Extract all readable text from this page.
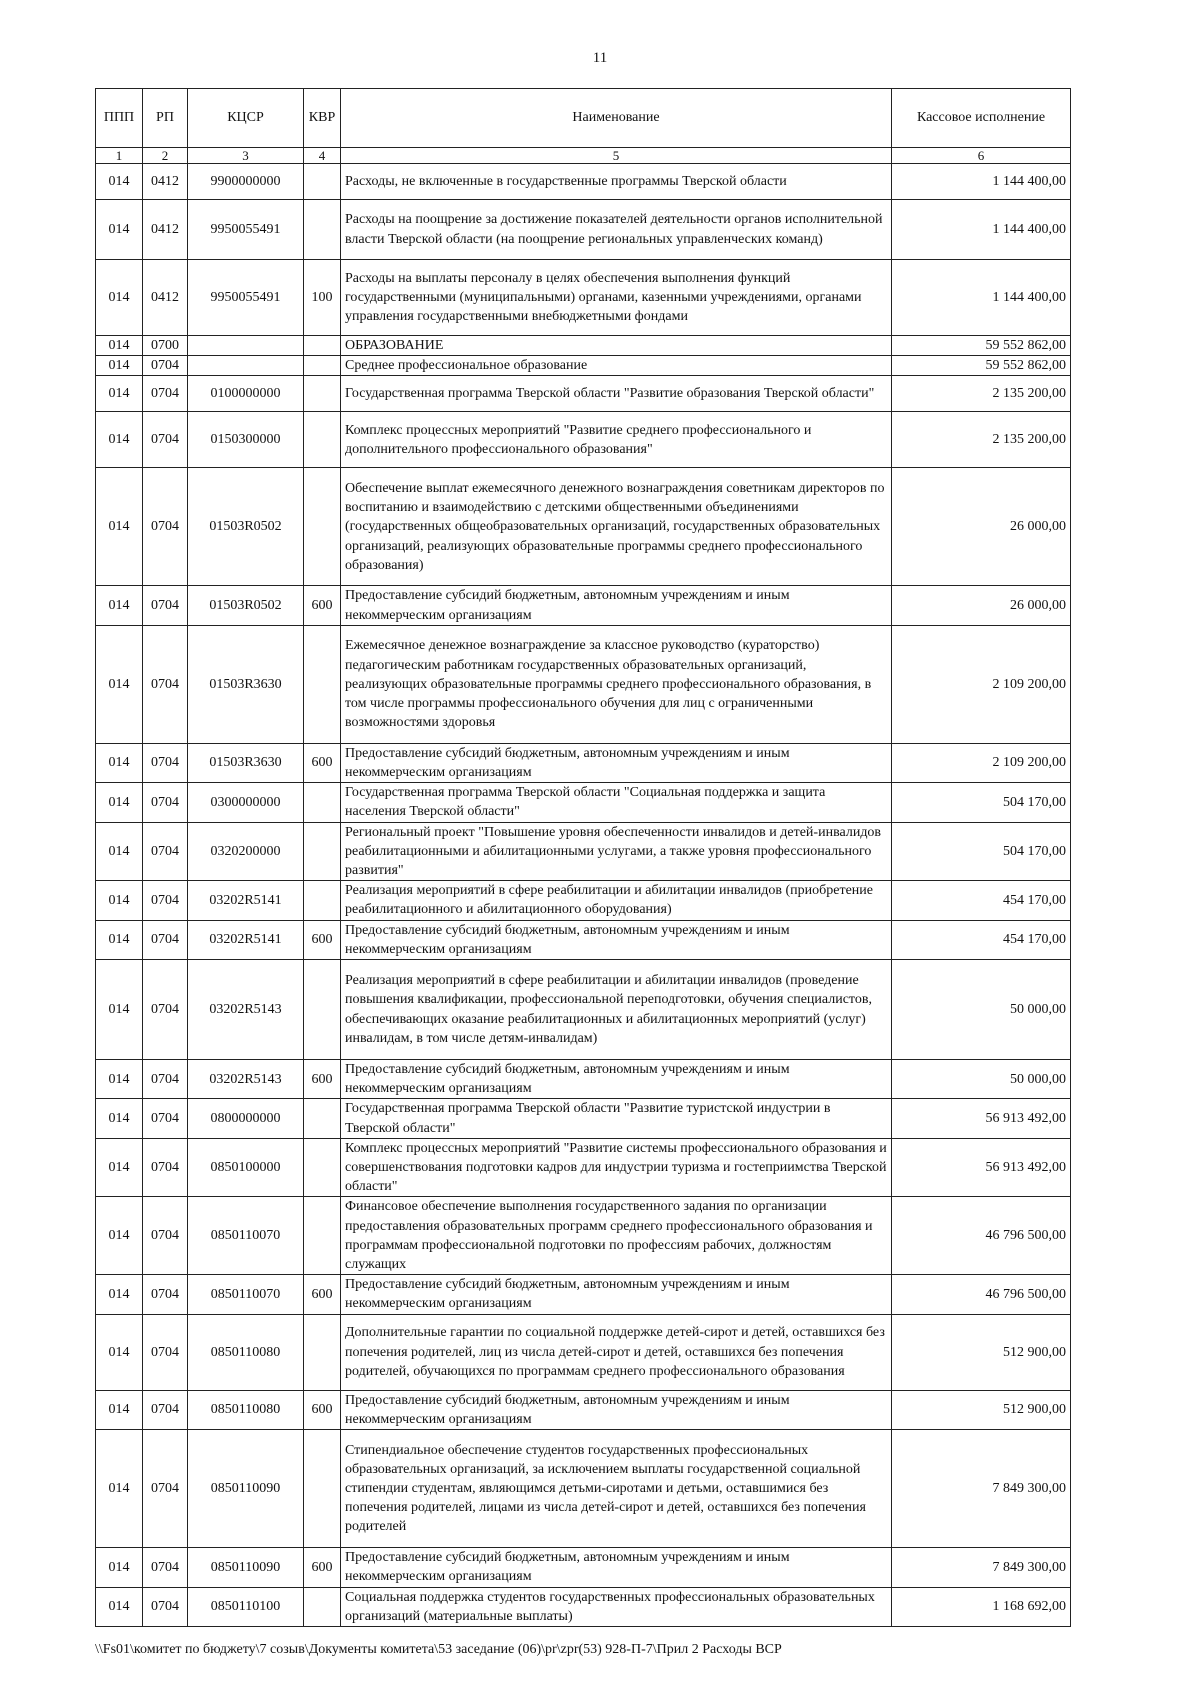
11
ППП	РП	КЦСР	КВР	Наименование	Кассовое исполнение
1	2	3	4	5	6
014	0412	9900000000		Расходы, не включенные в государственные программы Тверской области	1 144 400,00
014	0412	9950055491		Расходы на поощрение за достижение показателей деятельности органов исполнительной власти Тверской области (на поощрение региональных управленческих команд)	1 144 400,00
014	0412	9950055491	100	Расходы на выплаты персоналу в целях обеспечения выполнения функций государственными (муниципальными) органами, казенными учреждениями, органами управления государственными внебюджетными фондами	1 144 400,00
014	0700			ОБРАЗОВАНИЕ	59 552 862,00
014	0704			Среднее профессиональное образование	59 552 862,00
014	0704	0100000000		Государственная программа Тверской области "Развитие образования Тверской области"	2 135 200,00
014	0704	0150300000		Комплекс процессных мероприятий "Развитие среднего профессионального и дополнительного профессионального образования"	2 135 200,00
014	0704	01503R0502		Обеспечение выплат ежемесячного денежного вознаграждения советникам директоров по воспитанию и взаимодействию с детскими общественными объединениями (государственных общеобразовательных организаций, государственных образовательных организаций, реализующих образовательные программы среднего профессионального образования)	26 000,00
014	0704	01503R0502	600	Предоставление субсидий бюджетным, автономным учреждениям и иным некоммерческим организациям	26 000,00
014	0704	01503R3630		Ежемесячное денежное вознаграждение за классное руководство (кураторство) педагогическим работникам государственных образовательных организаций, реализующих образовательные программы среднего профессионального образования, в том числе программы профессионального обучения для лиц с ограниченными возможностями здоровья	2 109 200,00
014	0704	01503R3630	600	Предоставление субсидий бюджетным, автономным учреждениям и иным некоммерческим организациям	2 109 200,00
014	0704	0300000000		Государственная программа Тверской области "Социальная поддержка и защита населения Тверской области"	504 170,00
014	0704	0320200000		Региональный проект "Повышение уровня обеспеченности инвалидов и детей-инвалидов реабилитационными и абилитационными услугами, а также уровня профессионального развития"	504 170,00
014	0704	03202R5141		Реализация мероприятий в сфере реабилитации и абилитации инвалидов (приобретение реабилитационного и абилитационного оборудования)	454 170,00
014	0704	03202R5141	600	Предоставление субсидий бюджетным, автономным учреждениям и иным некоммерческим организациям	454 170,00
014	0704	03202R5143		Реализация мероприятий в сфере реабилитации и абилитации инвалидов (проведение повышения квалификации, профессиональной переподготовки, обучения специалистов, обеспечивающих оказание реабилитационных и абилитационных мероприятий (услуг) инвалидам, в том числе детям-инвалидам)	50 000,00
014	0704	03202R5143	600	Предоставление субсидий бюджетным, автономным учреждениям и иным некоммерческим организациям	50 000,00
014	0704	0800000000		Государственная программа Тверской области "Развитие туристской индустрии в Тверской области"	56 913 492,00
014	0704	0850100000		Комплекс процессных мероприятий "Развитие системы профессионального образования и совершенствования подготовки кадров для индустрии туризма и гостеприимства Тверской области"	56 913 492,00
014	0704	0850110070		Финансовое обеспечение выполнения государственного задания по организации предоставления образовательных программ среднего профессионального образования и программам профессиональной подготовки по профессиям рабочих, должностям служащих	46 796 500,00
014	0704	0850110070	600	Предоставление субсидий бюджетным, автономным учреждениям и иным некоммерческим организациям	46 796 500,00
014	0704	0850110080		Дополнительные гарантии по социальной поддержке детей-сирот и детей, оставшихся без попечения родителей, лиц из числа детей-сирот и детей, оставшихся без попечения родителей, обучающихся по программам среднего профессионального образования	512 900,00
014	0704	0850110080	600	Предоставление субсидий бюджетным, автономным учреждениям и иным некоммерческим организациям	512 900,00
014	0704	0850110090		Стипендиальное обеспечение студентов государственных профессиональных образовательных организаций, за исключением выплаты государственной социальной стипендии студентам, являющимся детьми-сиротами и детьми, оставшимися без попечения родителей, лицами из числа детей-сирот и детей, оставшихся без попечения родителей	7 849 300,00
014	0704	0850110090	600	Предоставление субсидий бюджетным, автономным учреждениям и иным некоммерческим организациям	7 849 300,00
014	0704	0850110100		Социальная поддержка студентов государственных профессиональных образовательных организаций (материальные выплаты)	1 168 692,00
\\Fs01\комитет по бюджету\7 созыв\Документы комитета\53 заседание (06)\pr\zpr(53) 928-П-7\Прил 2 Расходы ВСР
